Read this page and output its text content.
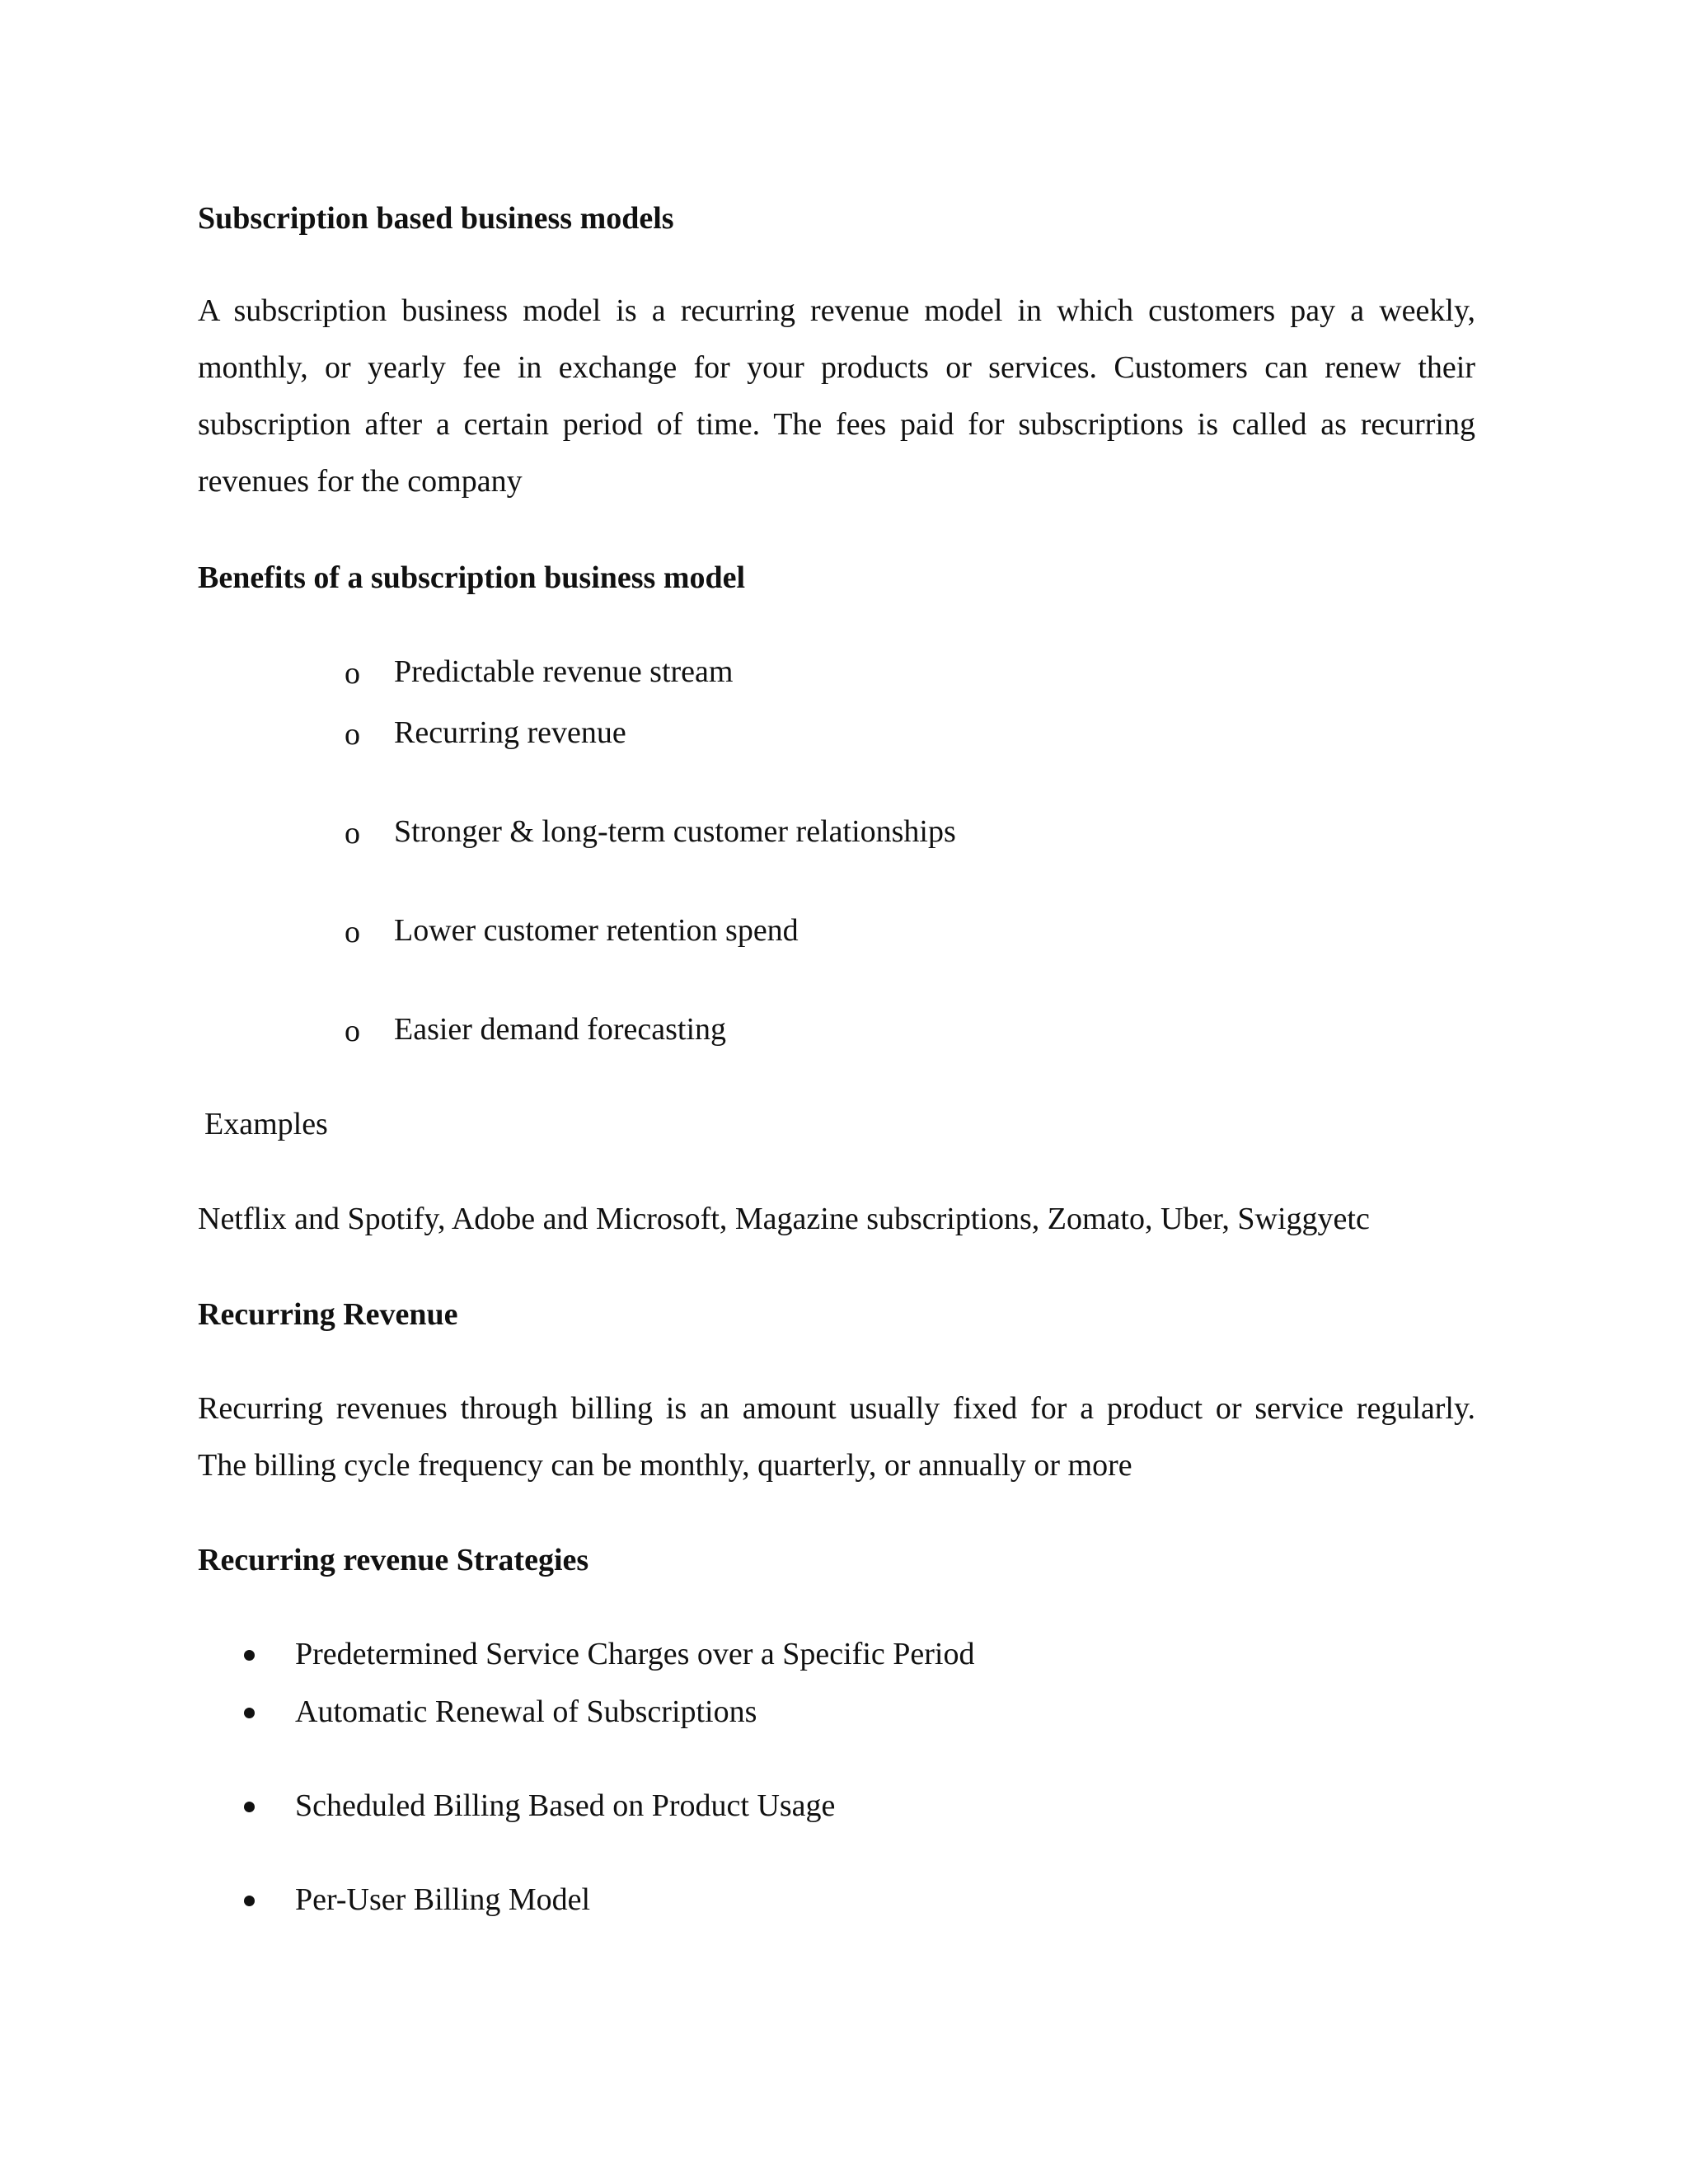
Subscription based business models
A subscription business model is a recurring revenue model in which customers pay a weekly,
monthly, or yearly fee in exchange for your products or services. Customers can renew their
subscription after a certain period of time. The fees paid for subscriptions is called as recurring
revenues for the company
Benefits of a subscription business model
o Predictable revenue stream
o Recurring revenue
o Stronger & long-term customer relationships
o Lower customer retention spend
o Easier demand forecasting
Examples
Netflix and Spotify, Adobe and Microsoft, Magazine subscriptions, Zomato, Uber, Swiggyetc
Recurring Revenue
Recurring revenues through billing is an amount usually fixed for a product or service regularly.
The billing cycle frequency can be monthly, quarterly, or annually or more
Recurring revenue Strategies
Predetermined Service Charges over a Specific Period
Automatic Renewal of Subscriptions
Scheduled Billing Based on Product Usage
Per-User Billing Model
